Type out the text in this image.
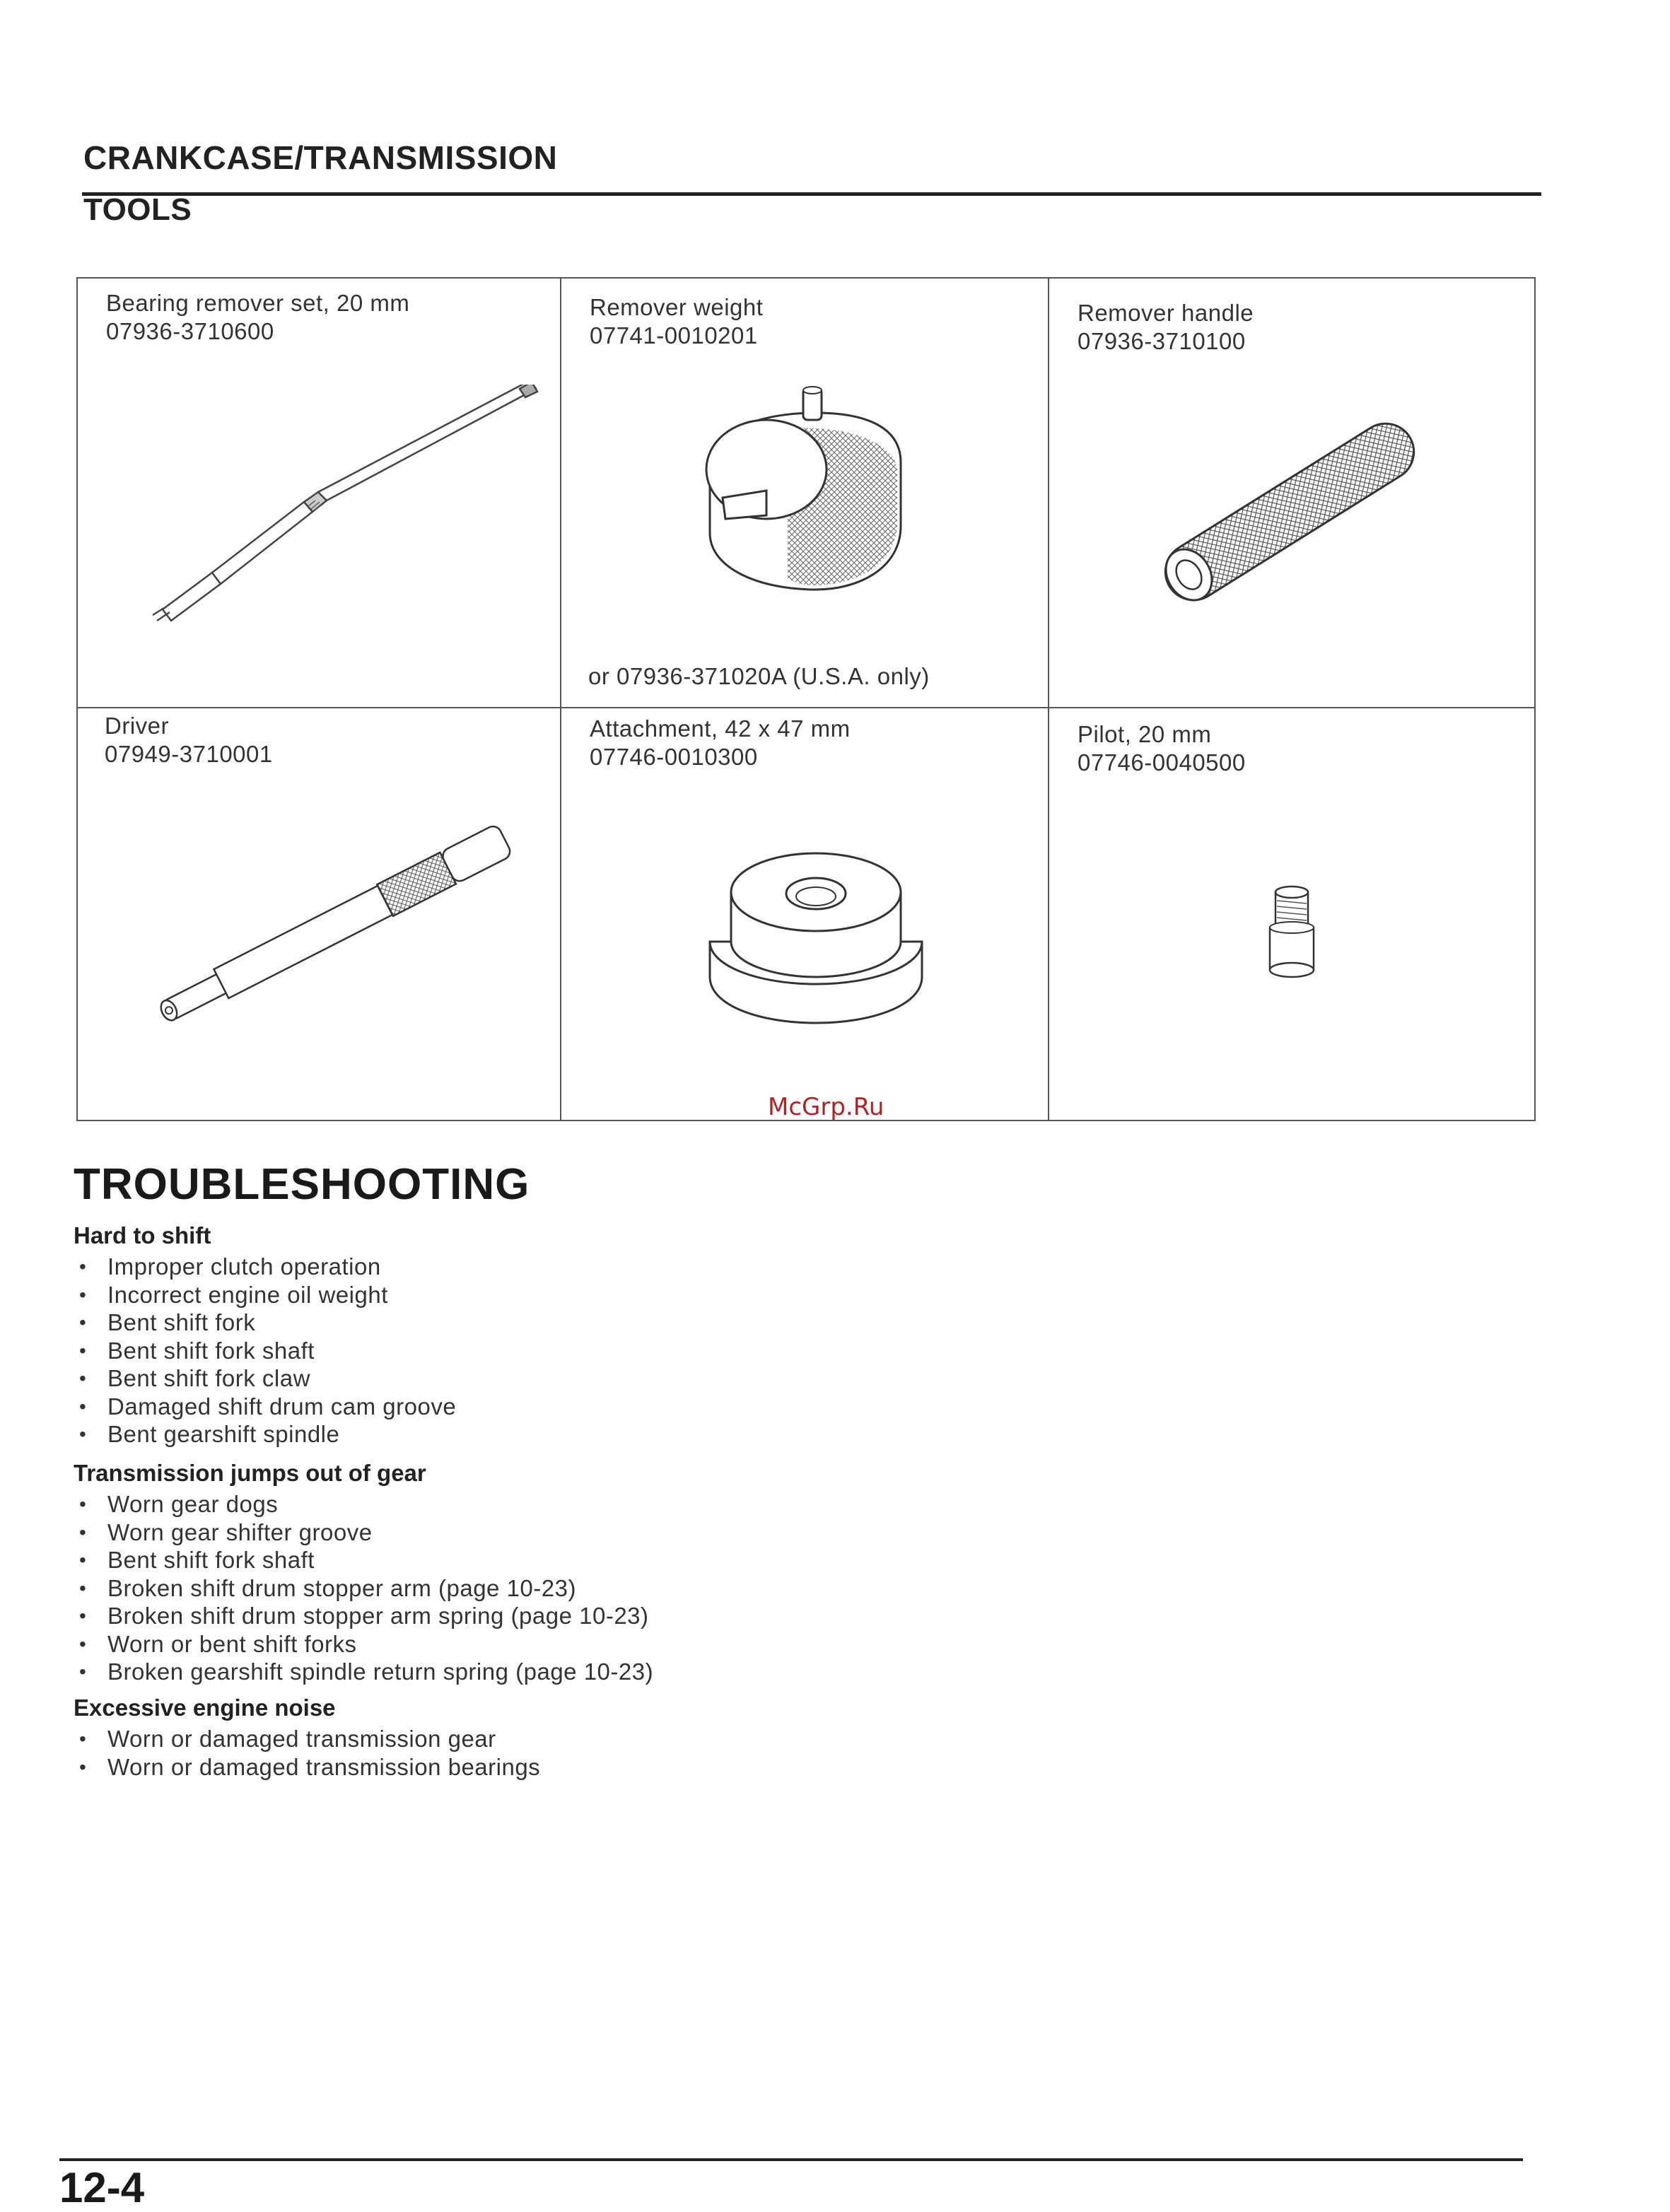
CRANKCASE/TRANSMISSION
TOOLS
Bearing remover set, 20 mm
07936-3710600
Remover weight
07741-0010201
or 07936-371020A (U.S.A. only)
Remover handle
07936-3710100
Driver
07949-3710001
Attachment, 42 x 47 mm
07746-0010300
Pilot, 20 mm
07746-0040500
McGrp.Ru
TROUBLESHOOTING
Hard to shift
• Improper clutch operation
• Incorrect engine oil weight
• Bent shift fork
• Bent shift fork shaft
• Bent shift fork claw
• Damaged shift drum cam groove
• Bent gearshift spindle
Transmission jumps out of gear
• Worn gear dogs
• Worn gear shifter groove
• Bent shift fork shaft
• Broken shift drum stopper arm (page 10-23)
• Broken shift drum stopper arm spring (page 10-23)
• Worn or bent shift forks
• Broken gearshift spindle return spring (page 10-23)
Excessive engine noise
• Worn or damaged transmission gear
• Worn or damaged transmission bearings
12-4
